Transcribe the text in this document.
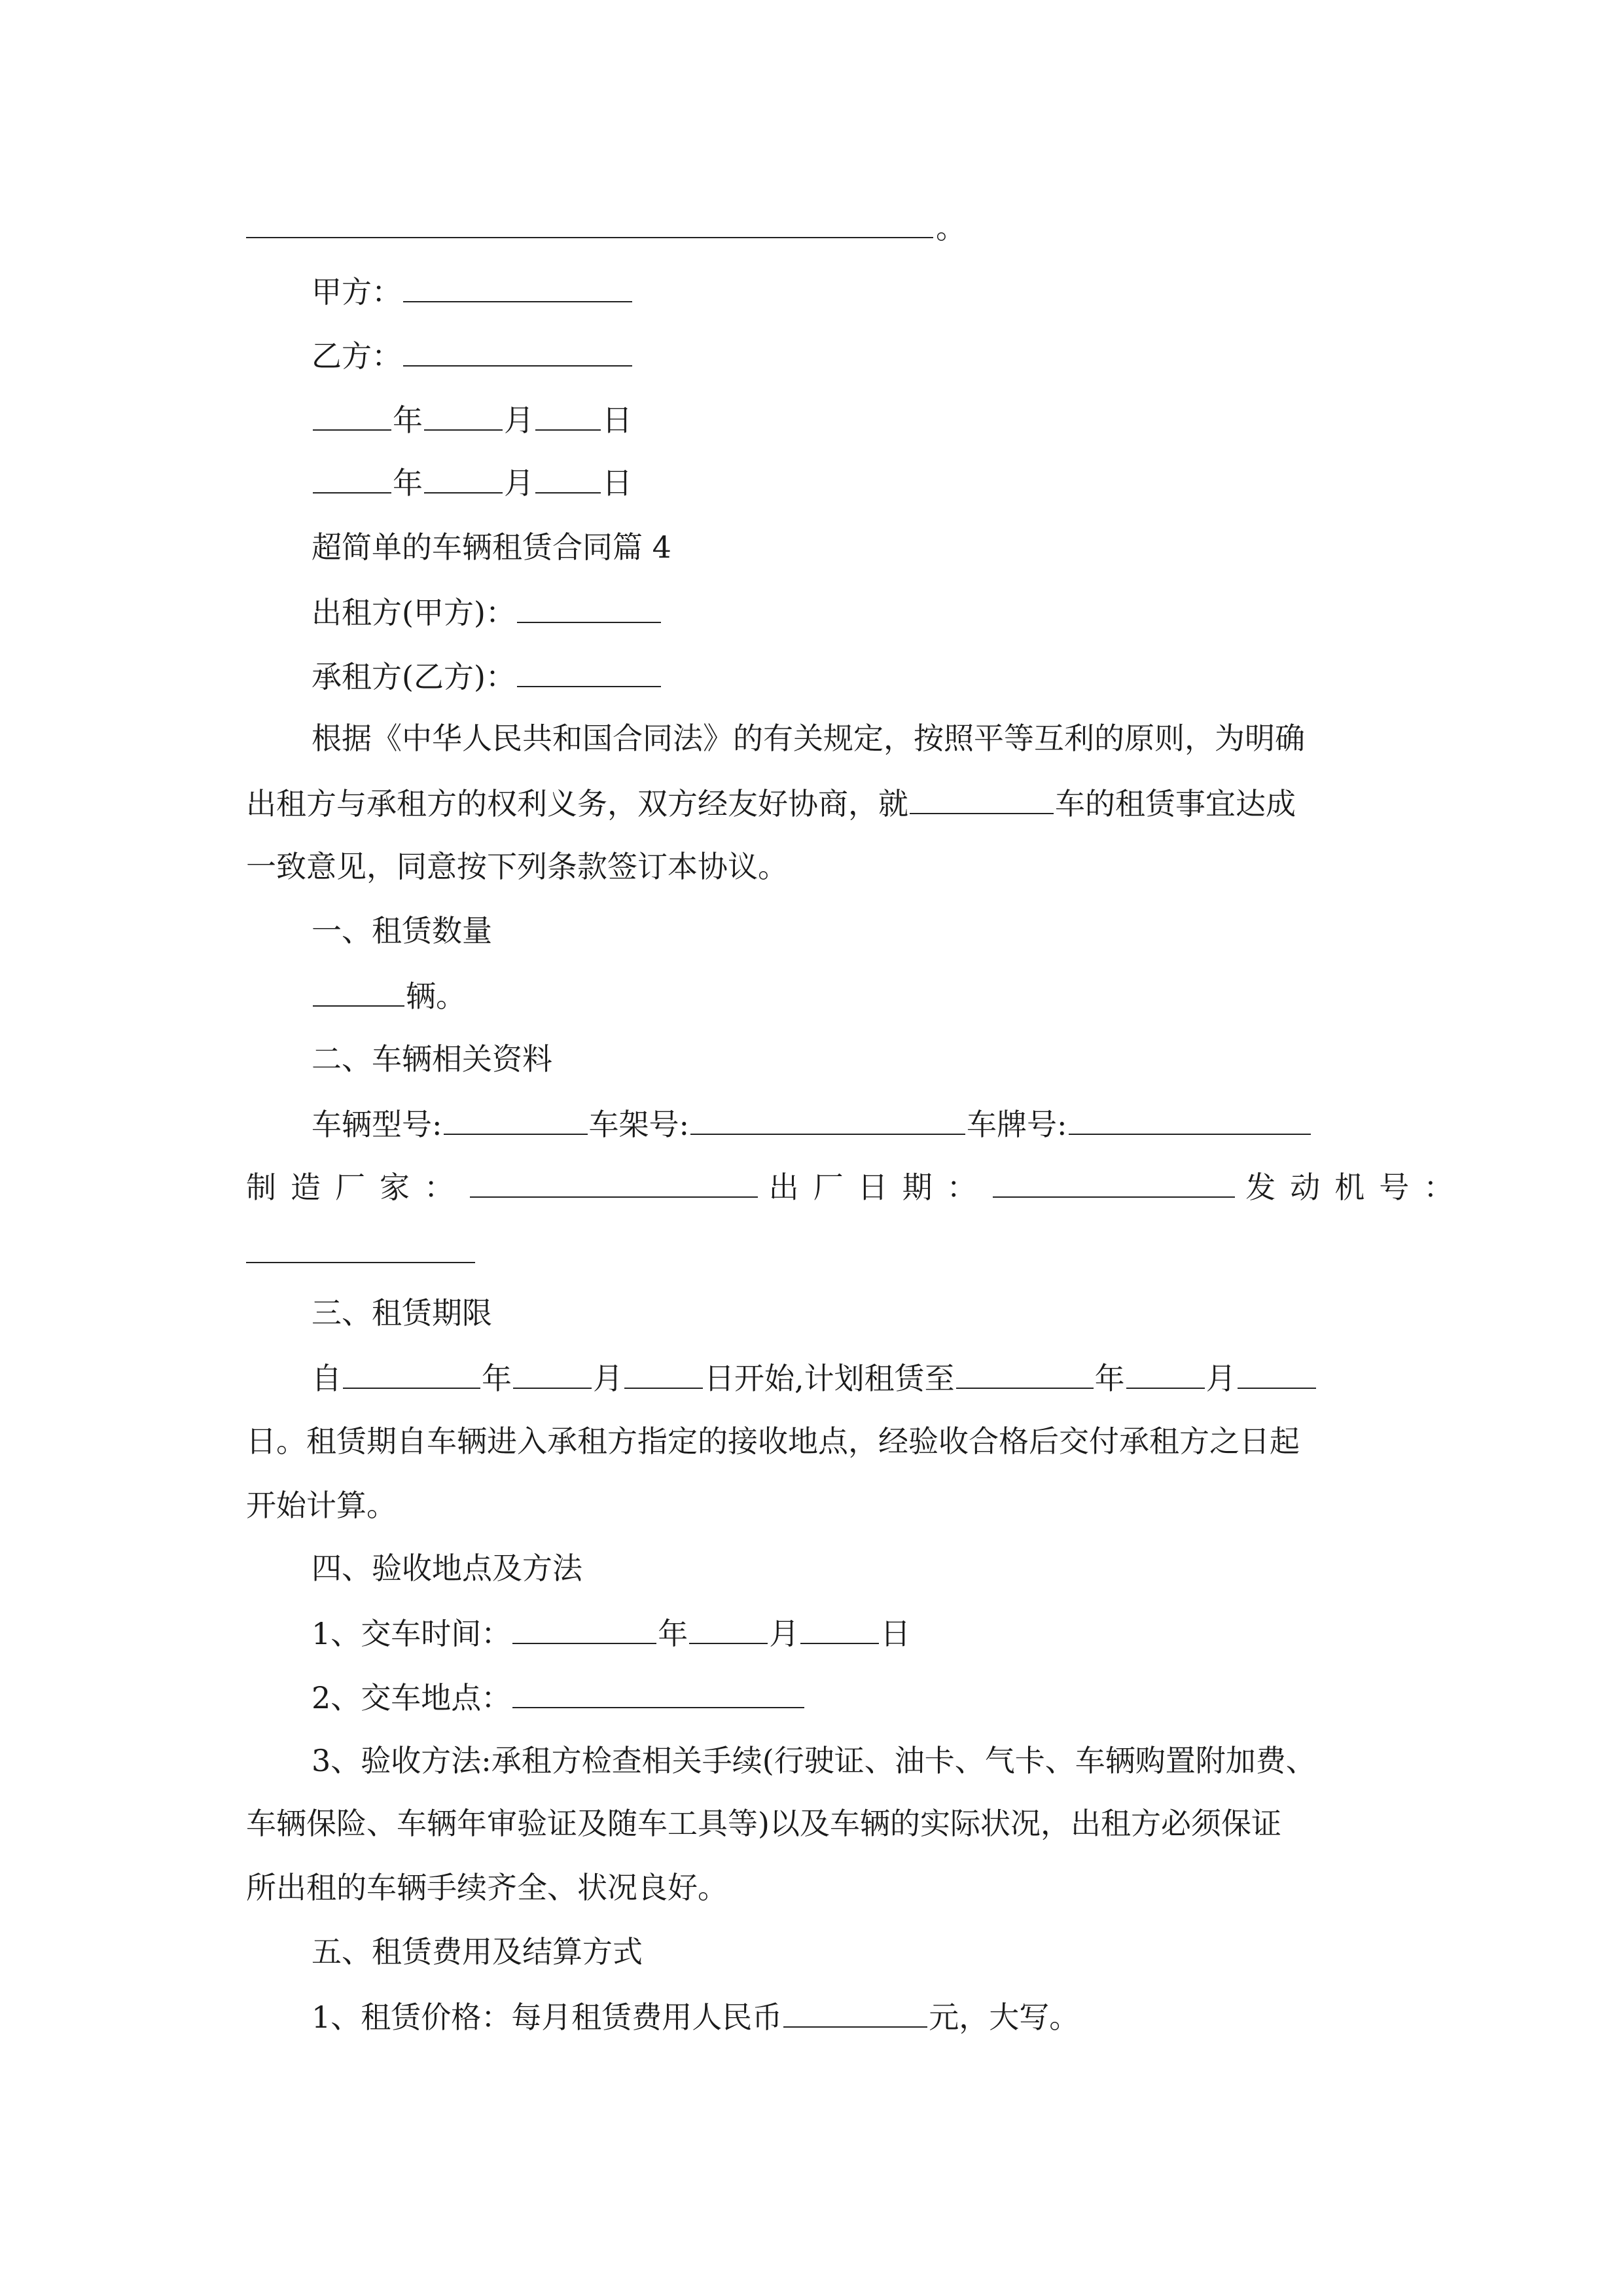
。
甲方：
乙方：
年	月 日
年	月 日
超简单的车辆租赁合同篇 4
出租方(甲方)：
承租方(乙方)：
根据《中华人民共和国合同法》的有关规定，按照平等互利的原则，为明确
出租方与承租方的权利义务，双方经友好协商，就	车的租赁事宜达成
一致意见，同意按下列条款签订本协议。
一、租赁数量
辆。
二、车辆相关资料
车辆型号:	车架号:	车牌号:
制造厂家：	出厂日期：	发动机号：
三、租赁期限
自	年	月	日开始,计划租赁至	年	月
日。租赁期自车辆进入承租方指定的接收地点，经验收合格后交付承租方之日起
开始计算。
四、验收地点及方法
1、交车时间：	年	月	日
2、交车地点：
3、验收方法:承租方检查相关手续(行驶证、油卡、气卡、车辆购置附加费、
车辆保险、车辆年审验证及随车工具等)以及车辆的实际状况，出租方必须保证
所出租的车辆手续齐全、状况良好。
五、租赁费用及结算方式
1、租赁价格：每月租赁费用人民币	元，大写。
